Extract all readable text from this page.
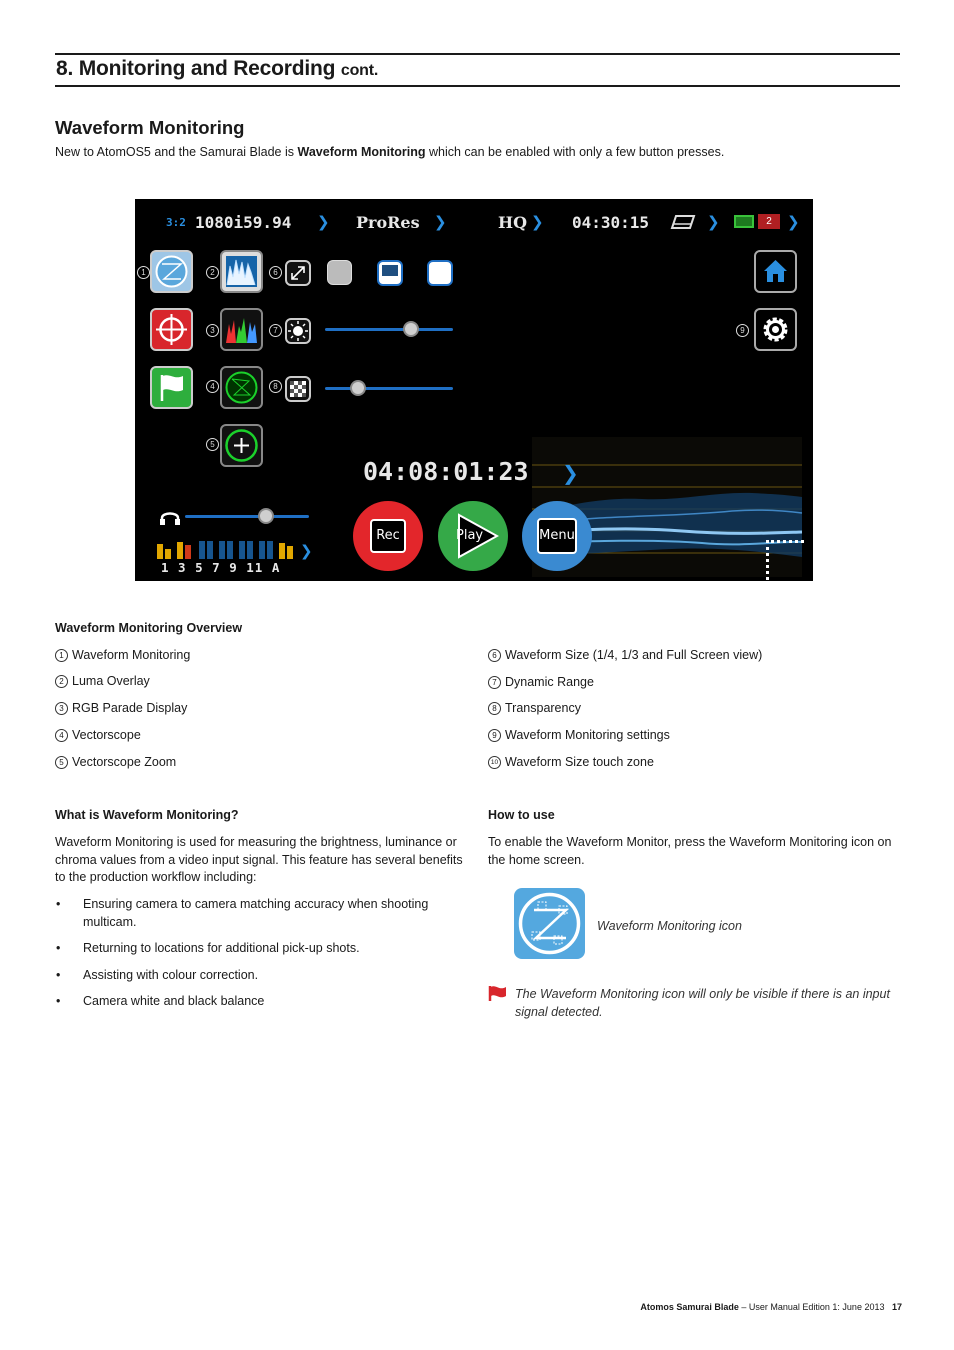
8. Monitoring and Recording cont.
Waveform Monitoring
New to AtomOS5 and the Samurai Blade is Waveform Monitoring which can be enabled with only a few button presses.
3:2 1080i59.94 ❯ ProRes ❯	HQ ❯ 04:30:15	❯	2	❯
1	2
3
4
5
6
7
8
9
04:08:01:23 ❯
Rec	Play	Menu
❯
1 3 5 7 9 11 A
Waveform Monitoring Overview
1 Waveform Monitoring
2 Luma Overlay
3 RGB Parade Display
4 Vectorscope
5 Vectorscope Zoom
6 Waveform Size (1/4, 1/3 and Full Screen view)
7 Dynamic Range
8 Transparency
9 Waveform Monitoring settings
10 Waveform Size touch zone
What is Waveform Monitoring?
Waveform Monitoring is used for measuring the brightness, luminance or chroma values from a video input signal. This feature has several benefits to the production workflow including:
• Ensuring camera to camera matching accuracy when shooting multicam.
• Returning to locations for additional pick-up shots.
• Assisting with colour correction.
• Camera white and black balance
How to use
To enable the Waveform Monitor, press the Waveform Monitoring icon on the home screen.
Waveform Monitoring icon
The Waveform Monitoring icon will only be visible if there is an input signal detected.
Atomos Samurai Blade – User Manual Edition 1: June 2013 17
